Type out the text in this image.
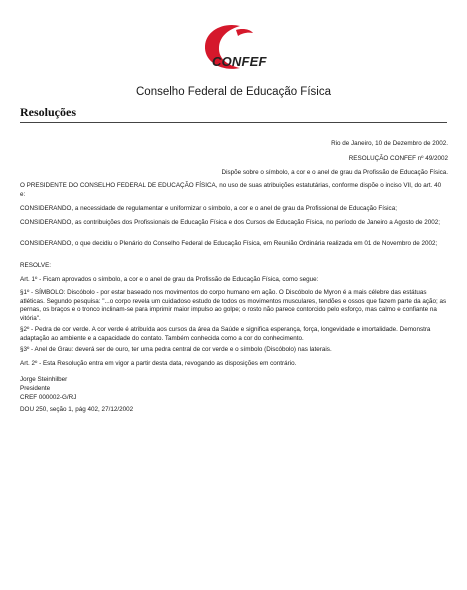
CONFEF
Conselho Federal de Educação Física
Resoluções
Rio de Janeiro, 10 de Dezembro de 2002.
RESOLUÇÃO CONFEF nº 49/2002
Dispõe sobre o símbolo, a cor e o anel de grau da Profissão de Educação Física.
O PRESIDENTE DO CONSELHO FEDERAL DE EDUCAÇÃO FÍSICA, no uso de suas atribuições estatutárias, conforme dispõe o inciso VII, do art. 40 e:
CONSIDERANDO, a necessidade de regulamentar e uniformizar o símbolo, a cor e o anel de grau da Profissional de Educação Física;
CONSIDERANDO, as contribuições dos Profissionais de Educação Física e dos Cursos de Educação Física, no período de Janeiro a Agosto de 2002;
CONSIDERANDO, o que decidiu o Plenário do Conselho Federal de Educação Física, em Reunião Ordinária realizada em 01 de Novembro de 2002;
RESOLVE:
Art. 1º - Ficam aprovados o símbolo, a cor e o anel de grau da Profissão de Educação Física, como segue:
§1º - SÍMBOLO: Discóbolo - por estar baseado nos movimentos do corpo humano em ação. O Discóbolo de Myron é a mais célebre das estátuas atléticas. Segundo pesquisa: "...o corpo revela um cuidadoso estudo de todos os movimentos musculares, tendões e ossos que fazem parte da ação; as pernas, os braços e o tronco inclinam-se para imprimir maior impulso ao golpe; o rosto não parece contorcido pelo esforço, mas calmo e confiante na vitória".
§2º - Pedra de cor verde. A cor verde é atribuída aos cursos da área da Saúde e significa esperança, força, longevidade e imortalidade. Demonstra adaptação ao ambiente e a capacidade do contato. Também conhecida como a cor do conhecimento.
§3º - Anel de Grau: deverá ser de ouro, ter uma pedra central de cor verde e o símbolo (Discóbolo) nas laterais.
Art. 2º - Esta Resolução entra em vigor a partir desta data, revogando as disposições em contrário.
Jorge Steinhilber
Presidente
CREF 000002-G/RJ
DOU 250, seção 1, pág 402, 27/12/2002
